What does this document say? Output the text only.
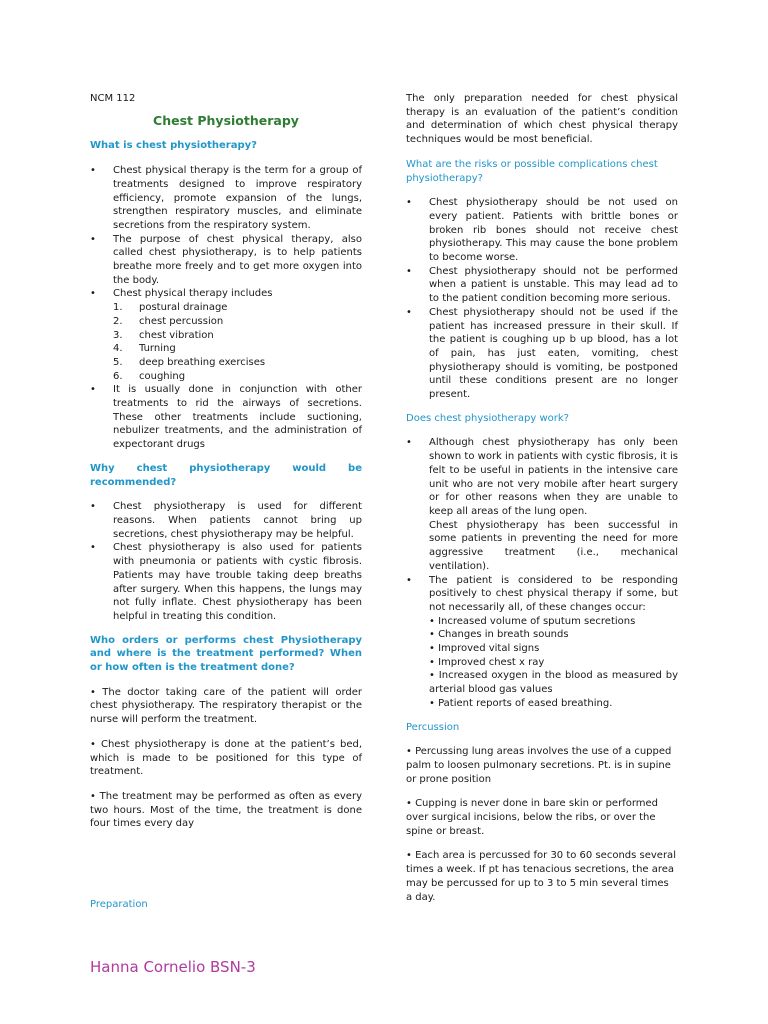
NCM 112
Chest Physiotherapy
What is chest physiotherapy?
• Chest physical therapy is the term for a group of treatments designed to improve respiratory efficiency, promote expansion of the lungs, strengthen respiratory muscles, and eliminate secretions from the respiratory system.
• The purpose of chest physical therapy, also called chest physiotherapy, is to help patients breathe more freely and to get more oxygen into the body.
• Chest physical therapy includes
1.	postural drainage
2.	chest percussion
3.	chest vibration
4.	Turning
5.	deep breathing exercises
6.	coughing
• It is usually done in conjunction with other treatments to rid the airways of secretions. These other treatments include suctioning, nebulizer treatments, and the administration of expectorant drugs
Why chest physiotherapy would be
recommended?
• Chest physiotherapy is used for different reasons. When patients cannot bring up secretions, chest physiotherapy may be helpful.
• Chest physiotherapy is also used for patients with pneumonia or patients with cystic fibrosis. Patients may have trouble taking deep breaths after surgery. When this happens, the lungs may not fully inflate. Chest physiotherapy has been helpful in treating this condition.
Who orders or performs chest Physiotherapy and where is the treatment performed? When or how often is the treatment done?

• The doctor taking care of the patient will order chest physiotherapy. The respiratory therapist or the nurse will perform the treatment.

• Chest physiotherapy is done at the patient’s bed, which is made to be positioned for this type of treatment.

• The treatment may be performed as often as every two hours. Most of the time, the treatment is done four times every day

Preparation

The only preparation needed for chest physical therapy is an evaluation of the patient’s condition and determination of which chest physical therapy techniques would be most beneficial.

What are the risks or possible complications chest physiotherapy?
• Chest physiotherapy should be not used on every patient. Patients with brittle bones or broken rib bones should not receive chest physiotherapy. This may cause the bone problem to become worse.
• Chest physiotherapy should not be performed when a patient is unstable. This may lead ad to to the patient condition becoming more serious.
• Chest physiotherapy should not be used if the patient has increased pressure in their skull. If the patient is coughing up b up blood, has a lot of pain, has just eaten, vomiting, chest physiotherapy should is vomiting, be postponed until these conditions present are no longer present.
Does chest physiotherapy work?
• Although chest physiotherapy has only been shown to work in patients with cystic fibrosis, it is felt to be useful in patients in the intensive care unit who are not very mobile after heart surgery or for other reasons when they are unable to keep all areas of the lung open.
Chest physiotherapy has been successful in some patients in preventing the need for more aggressive treatment (i.e., mechanical ventilation).
• The patient is considered to be responding positively to chest physical therapy if some, but not necessarily all, of these changes occur:
• Increased volume of sputum secretions
• Changes in breath sounds
• Improved vital signs
• Improved chest x ray
• Increased oxygen in the blood as measured by arterial blood gas values
• Patient reports of eased breathing.
Percussion

• Percussing lung areas involves the use of a cupped palm to loosen pulmonary secretions. Pt. is in supine or prone position

• Cupping is never done in bare skin or performed over surgical incisions, below the ribs, or over the spine or breast.

• Each area is percussed for 30 to 60 seconds several times a week. If pt has tenacious secretions, the area may be percussed for up to 3 to 5 min several times a day.

Hanna Cornelio BSN-3
